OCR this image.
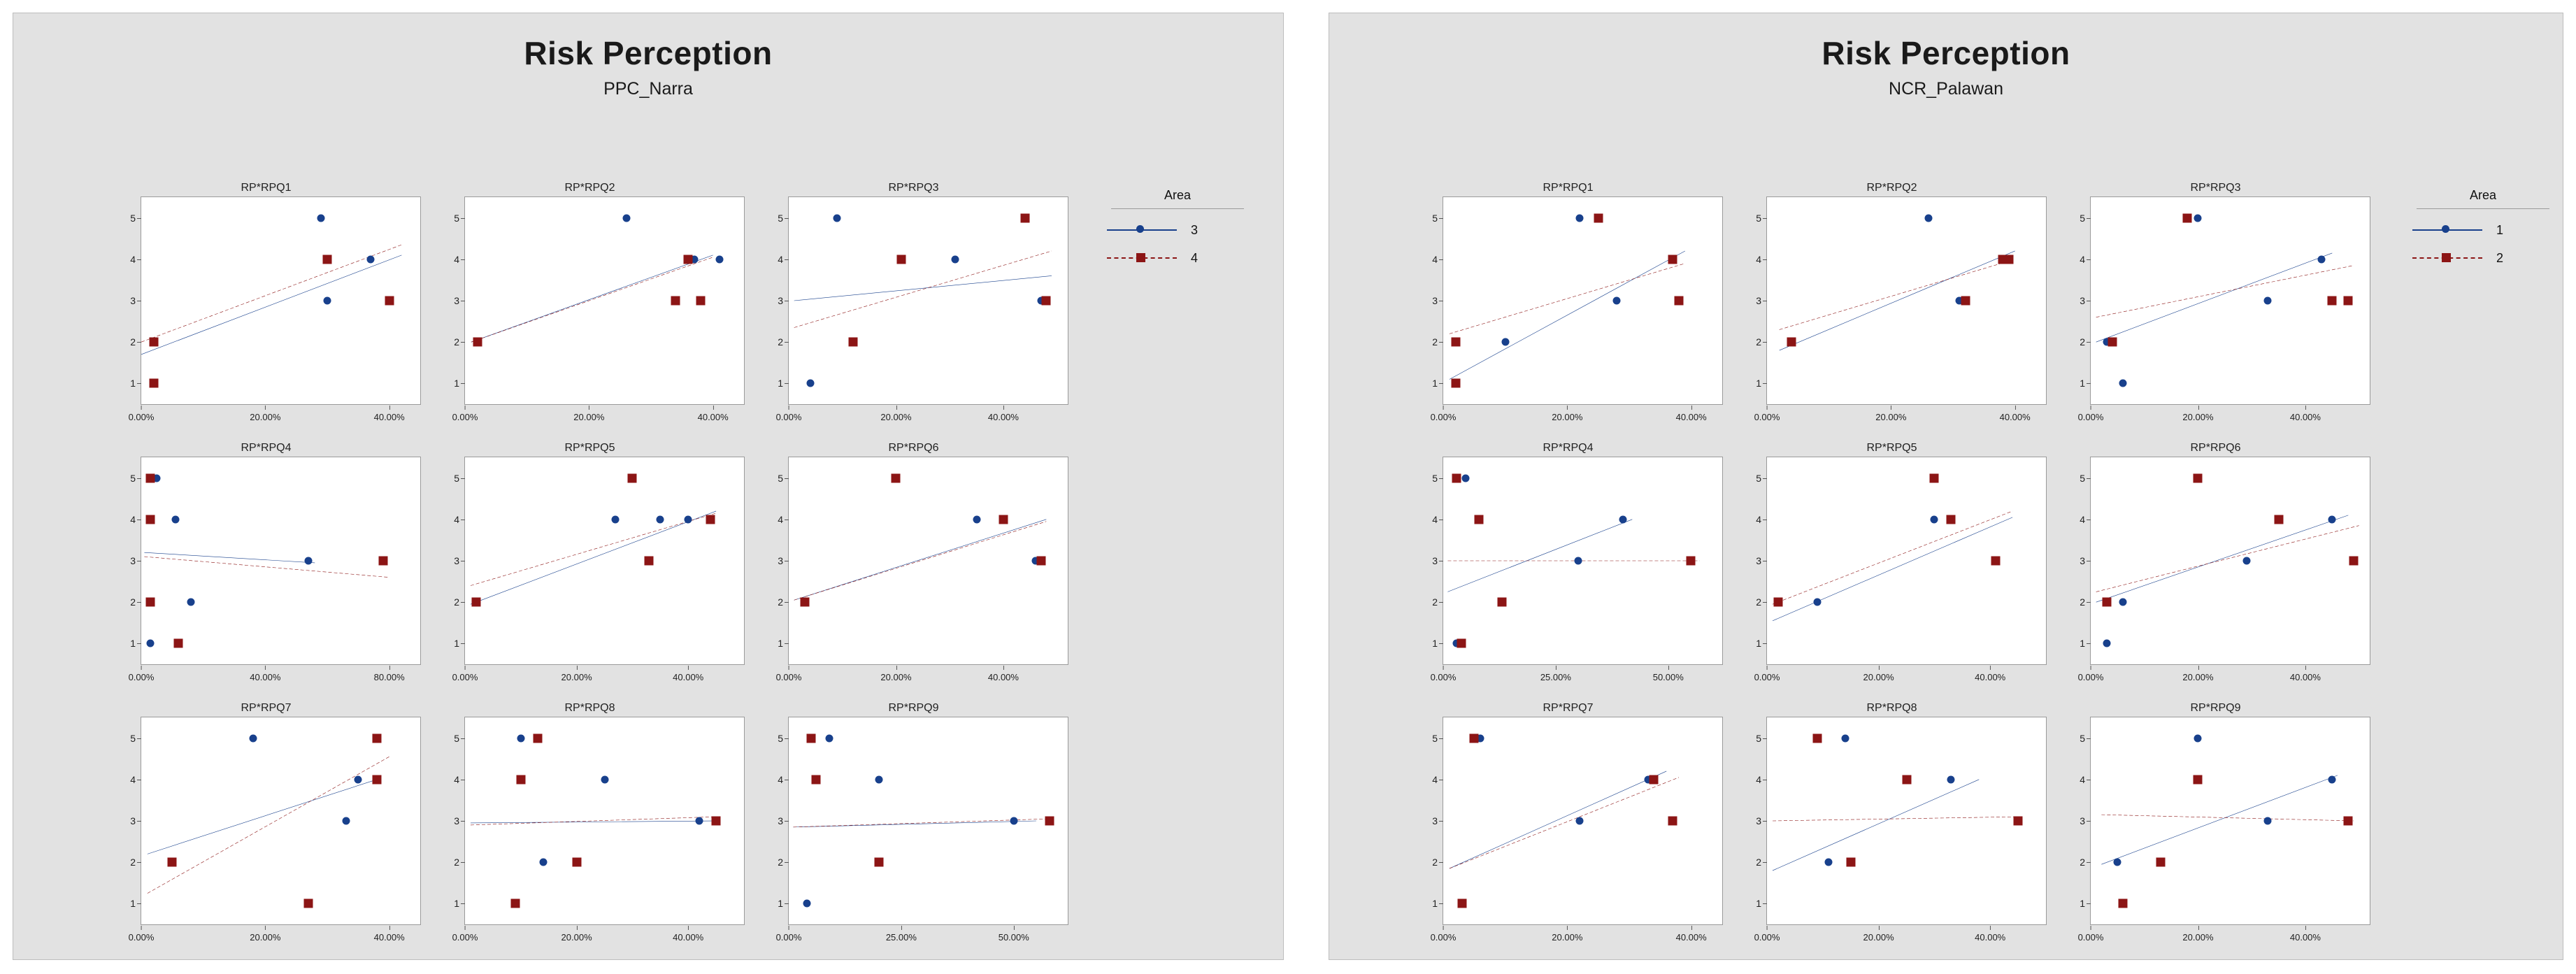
Risk Perception
PPC_Narra
RP*RPQ1
1
2
3
4
5
0.00%	20.00%	40.00%
RP*RPQ2
1
2
3
4
5
0.00%	20.00%	40.00%
RP*RPQ3
1
2
3
4
5
0.00%	20.00%	40.00%
RP*RPQ4
1
2
3
4
5
0.00%	40.00%	80.00%
RP*RPQ5
1
2
3
4
5
0.00%	20.00%	40.00%
RP*RPQ6
1
2
3
4
5
0.00%	20.00%	40.00%
RP*RPQ7
1
2
3
4
5
0.00%	20.00%	40.00%
RP*RPQ8
1
2
3
4
5
0.00%	20.00%	40.00%
RP*RPQ9
1
2
3
4
5
0.00%	25.00%	50.00%
Area
3
4
Risk Perception
NCR_Palawan
RP*RPQ1
1
2
3
4
5
0.00%	20.00%	40.00%
RP*RPQ2
1
2
3
4
5
0.00%	20.00%	40.00%
RP*RPQ3
1
2
3
4
5
0.00%	20.00%	40.00%
RP*RPQ4
1
2
3
4
5
0.00%	25.00%	50.00%
RP*RPQ5
1
2
3
4
5
0.00%	20.00%	40.00%
RP*RPQ6
1
2
3
4
5
0.00%	20.00%	40.00%
RP*RPQ7
1
2
3
4
5
0.00%	20.00%	40.00%
RP*RPQ8
1
2
3
4
5
0.00%	20.00%	40.00%
RP*RPQ9
1
2
3
4
5
0.00%	20.00%	40.00%
Area
1
2
